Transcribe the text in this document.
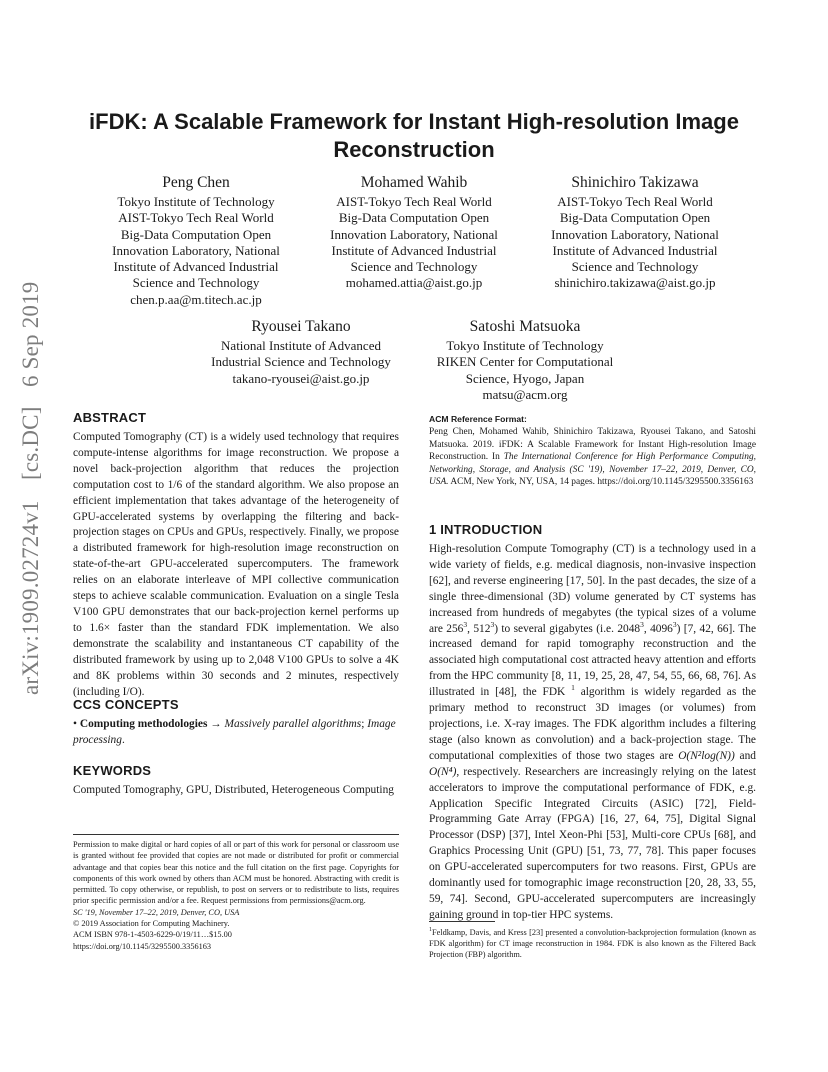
arXiv:1909.02724v1 [cs.DC] 6 Sep 2019
iFDK: A Scalable Framework for Instant High-resolution Image
Reconstruction
Peng Chen
Tokyo Institute of Technology
AIST-Tokyo Tech Real World
Big-Data Computation Open
Innovation Laboratory, National
Institute of Advanced Industrial
Science and Technology
chen.p.aa@m.titech.ac.jp
Mohamed Wahib
AIST-Tokyo Tech Real World
Big-Data Computation Open
Innovation Laboratory, National
Institute of Advanced Industrial
Science and Technology
mohamed.attia@aist.go.jp
Shinichiro Takizawa
AIST-Tokyo Tech Real World
Big-Data Computation Open
Innovation Laboratory, National
Institute of Advanced Industrial
Science and Technology
shinichiro.takizawa@aist.go.jp
Ryousei Takano
National Institute of Advanced
Industrial Science and Technology
takano-ryousei@aist.go.jp
Satoshi Matsuoka
Tokyo Institute of Technology
RIKEN Center for Computational
Science, Hyogo, Japan
matsu@acm.org
ABSTRACT

Computed Tomography (CT) is a widely used technology that requires compute-intense algorithms for image reconstruction. We propose a novel back-projection algorithm that reduces the projection computation cost to 1/6 of the standard algorithm. We also propose an efficient implementation that takes advantage of the heterogeneity of GPU-accelerated systems by overlapping the filtering and back-projection stages on CPUs and GPUs, respectively. Finally, we propose a distributed framework for high-resolution image reconstruction on state-of-the-art GPU-accelerated supercomputers. The framework relies on an elaborate interleave of MPI collective communication steps to achieve scalable communication. Evaluation on a single Tesla V100 GPU demonstrates that our back-projection kernel performs up to 1.6× faster than the standard FDK implementation. We also demonstrate the scalability and instantaneous CT capability of the distributed framework by using up to 2,048 V100 GPUs to solve a 4K and 8K problems within 30 seconds and 2 minutes, respectively (including I/O).

CCS CONCEPTS

• Computing methodologies → Massively parallel algorithms; Image processing.

KEYWORDS

Computed Tomography, GPU, Distributed, Heterogeneous Computing

Permission to make digital or hard copies of all or part of this work for personal or classroom use is granted without fee provided that copies are not made or distributed for profit or commercial advantage and that copies bear this notice and the full citation on the first page. Copyrights for components of this work owned by others than ACM must be honored. Abstracting with credit is permitted. To copy otherwise, or republish, to post on servers or to redistribute to lists, requires prior specific permission and/or a fee. Request permissions from permissions@acm.org.
SC '19, November 17–22, 2019, Denver, CO, USA
© 2019 Association for Computing Machinery.
ACM ISBN 978-1-4503-6229-0/19/11…$15.00
https://doi.org/10.1145/3295500.3356163
ACM Reference Format:

Peng Chen, Mohamed Wahib, Shinichiro Takizawa, Ryousei Takano, and Satoshi Matsuoka. 2019. iFDK: A Scalable Framework for Instant High-resolution Image Reconstruction. In The International Conference for High Performance Computing, Networking, Storage, and Analysis (SC '19), November 17–22, 2019, Denver, CO, USA. ACM, New York, NY, USA, 14 pages. https://doi.org/10.1145/3295500.3356163

1 INTRODUCTION

High-resolution Compute Tomography (CT) is a technology used in a wide variety of fields, e.g. medical diagnosis, non-invasive inspection [62], and reverse engineering [17, 50]. In the past decades, the size of a single three-dimensional (3D) volume generated by CT systems has increased from hundreds of megabytes (the typical sizes of a volume are $256^3$, $512^3$) to several gigabytes (i.e. 2048$^3$, 4096$^3$) [7, 42, 66]. The increased demand for rapid tomography reconstruction and the associated high computational cost attracted heavy attention and efforts from the HPC community [8, 11, 19, 25, 28, 47, 54, 55, 66, 68, 76]. As illustrated in [48], the FDK $^1$ algorithm is widely regarded as the primary method to reconstruct 3D images (or volumes) from projections, i.e. X-ray images. The FDK algorithm includes a filtering stage (also known as convolution) and a back-projection stage. The computational complexities of those two stages are O(N²log(N)) and O(N⁴), respectively. Researchers are increasingly relying on the latest accelerators to improve the computational performance of FDK, e.g. Application Specific Integrated Circuits (ASIC) [72], Field-Programming Gate Array (FPGA) [16, 27, 64, 75], Digital Signal Processor (DSP) [37], Intel Xeon-Phi [53], Multi-core CPUs [68], and Graphics Processing Unit (GPU) [51, 73, 77, 78]. This paper focuses on GPU-accelerated supercomputers for two reasons. First, GPUs are dominantly used for tomographic image reconstruction [20, 28, 33, 55, 59, 74]. Second, GPU-accelerated supercomputers are increasingly gaining ground in top-tier HPC systems.

$^1$Feldkamp, Davis, and Kress [23] presented a convolution-backprojection formulation (known as FDK algorithm) for CT image reconstruction in 1984. FDK is also known as the Filtered Back Projection (FBP) algorithm.
